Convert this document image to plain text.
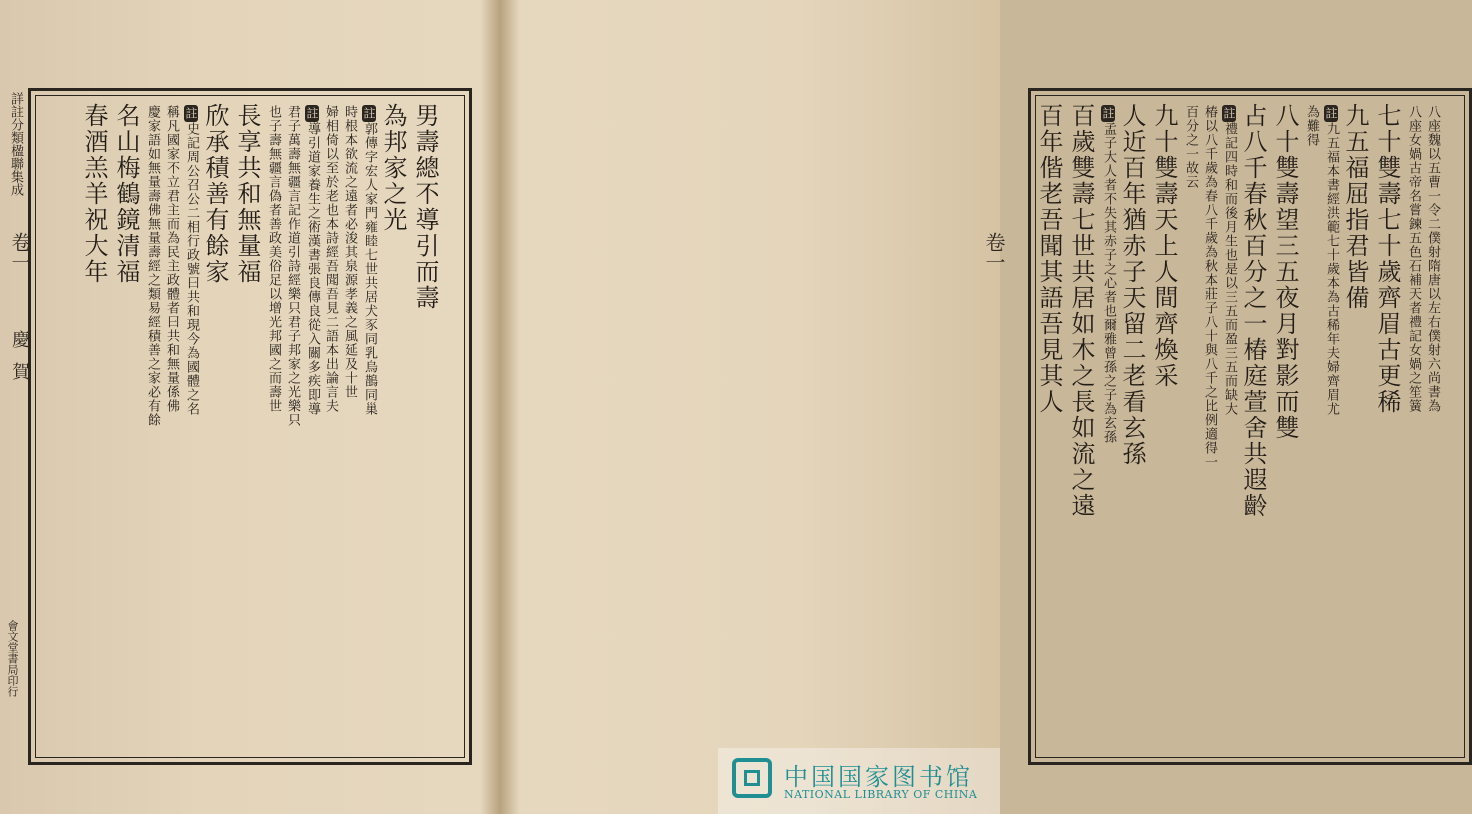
詳註分類楹聯集成
卷一
慶賀
會文堂書局印行
男壽總不導引而壽
為邦家之光
註郭傳字宏人家門雍睦七世共居犬豕同乳烏鵲同巢
時根本欲流之遠者必浚其泉源孝義之風延及十世
婦相倚以至於老也本詩經吾聞吾見二語本出論言夫
註導引道家養生之術漢書張良傳良從入關多疾即導
君子萬壽無疆言記作道引詩經樂只君子邦家之光樂只
也子壽無疆言偽者善政美俗足以增光邦國之而壽世
長享共和無量福
欣承積善有餘家
註史記周公召公二相行政號曰共和現今為國體之名
稱凡國家不立君主而為民主政體者曰共和無量係佛
慶家語如無量壽佛無量壽經之類易經積善之家必有餘
名山梅鶴鏡清福
春酒羔羊祝大年	卷一	八座魏以五曹一令二僕射隋唐以左右僕射六尚書為
八座女媧古帝名嘗鍊五色石補天者禮記女媧之笙簧
七十雙壽七十歲齊眉古更稀
九五福屈指君皆備
註九五福本書經洪範七十歲本為古稀年夫婦齊眉尤
為難得
八十雙壽望三五夜月對影而雙
占八千春秋百分之一椿庭萱舍共遐齡
註禮記四時和而後月生也是以三五而盈三五而缺大
椿以八千歲為春八千歲為秋本莊子八十與八千之比例適得一
百分之一故云
九十雙壽天上人間齊煥采
人近百年猶赤子天留二老看玄孫
註孟子大人者不失其赤子之心者也爾雅曾孫之子為玄孫
百歲雙壽七世共居如木之長如流之遠
百年偕老吾聞其語吾見其人
中国国家图书馆
NATIONAL LIBRARY OF CHINA
